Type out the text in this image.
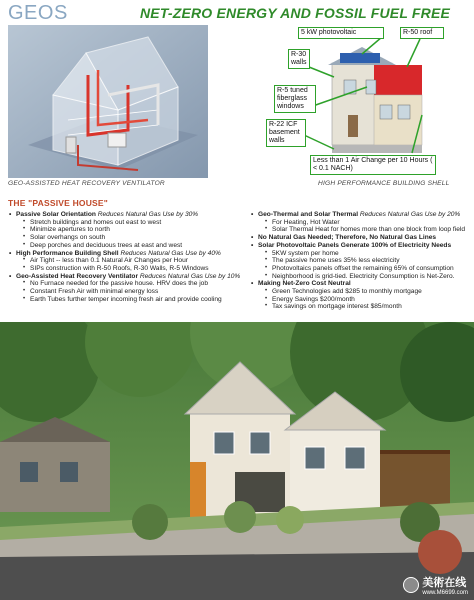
GEOS	NET-ZERO ENERGY AND FOSSIL FUEL FREE
GEO-ASSISTED HEAT RECOVERY VENTILATOR
5 kW photovoltaic	R-50 roof
R-30 walls
R-5 tuned fiberglass windows
R-22 ICF basement walls
Less than 1 Air Change per 10 Hours ( < 0.1 NACH)
HIGH PERFORMANCE BUILDING SHELL
THE "PASSIVE HOUSE"
• Passive Solar Orientation Reduces Natural Gas Use by 30%
• Stretch buildings and homes out east to west
• Minimize apertures to north
• Solar overhangs on south
• Deep porches and deciduous trees at east and west
• High Performance Building Shell Reduces Natural Gas Use by 40%
• Air Tight -- less than 0.1 Natural Air Changes per Hour
• SIPs construction with R-50 Roofs, R-30 Walls, R-5 Windows
• Geo-Assisted Heat Recovery Ventilator Reduces Natural Gas Use by 10%
• No Furnace needed for the passive house. HRV does the job
• Constant Fresh Air with minimal energy loss
• Earth Tubes further temper incoming fresh air and provide cooling
• Geo-Thermal and Solar Thermal Reduces Natural Gas Use by 20%
• For Heating, Hot Water
• Solar Thermal Heat for homes more than one block from loop field
• No Natural Gas Needed; Therefore, No Natural Gas Lines
• Solar Photovoltaic Panels Generate 100% of Electricity Needs
• 5KW system per home
• The passive home uses 35% less electricity
• Photovoltaics panels offset the remaining 65% of consumption
• Neighborhood is grid-tied. Electricity Consumption is Net-Zero.
• Making Net-Zero Cost Neutral
• Green Technologies add $285 to monthly mortgage
• Energy Savings $200/month
• Tax savings on mortgage interest $85/month
美術在线
www.M6699.com
